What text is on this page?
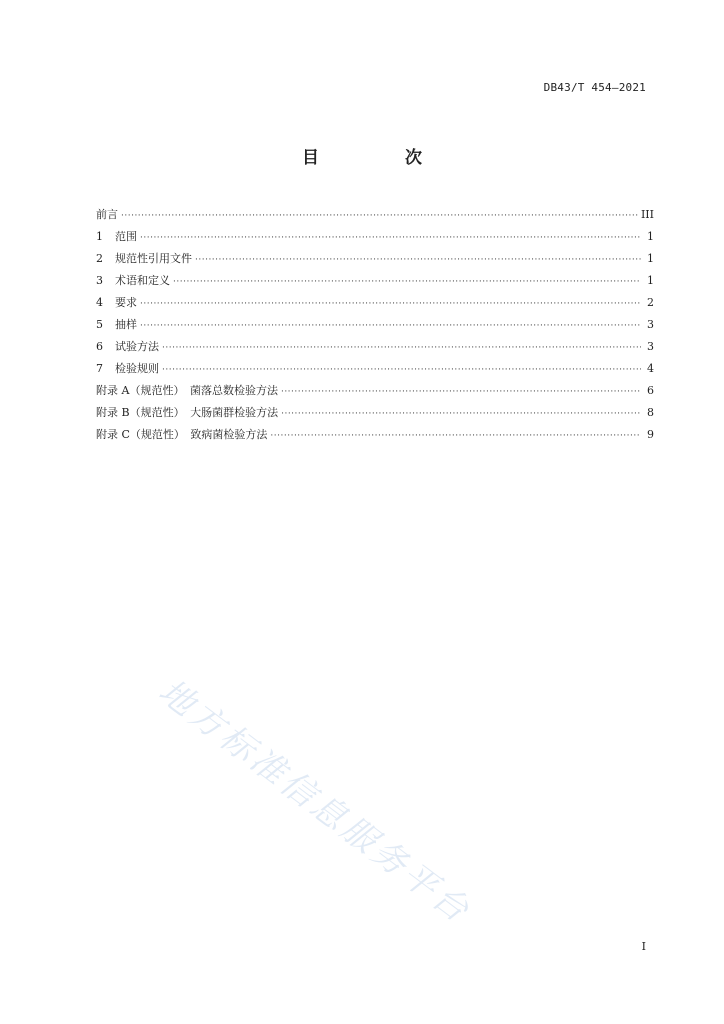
DB43/T 454—2021
目 次
前言 ·····	III
1 范围 ·····	1
2 规范性引用文件 ·····	1
3 术语和定义 ·····	1
4 要求 ·····	2
5 抽样 ·····	3
6 试验方法 ·····	3
7 检验规则 ·····	4
附录 A（规范性）　菌落总数检验方法 ·····	6
附录 B（规范性）　大肠菌群检验方法 ·····	8
附录 C（规范性）　致病菌检验方法 ·····	9
地方标准信息服务平台
I
